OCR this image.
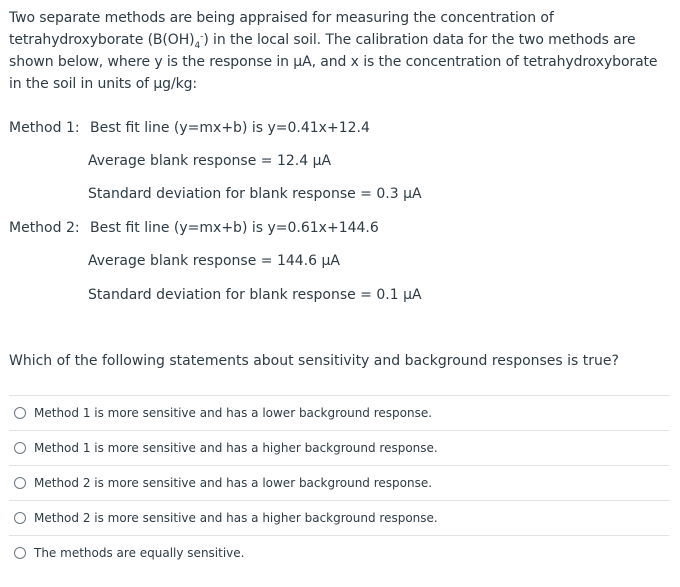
Two separate methods are being appraised for measuring the concentration of tetrahydroxyborate $(B(OH)_4^-)$ in the local soil. The calibration data for the two methods are shown below, where y is the response in µA, and x is the concentration of tetrahydroxyborate in the soil in units of µg/kg:
Method 1: Best fit line (y=mx+b) is y=0.41x+12.4
Average blank response = 12.4 µA
Standard deviation for blank response = 0.3 µA
Method 2: Best fit line (y=mx+b) is y=0.61x+144.6
Average blank response = 144.6 µA
Standard deviation for blank response = 0.1 µA
Which of the following statements about sensitivity and background responses is true?
Method 1 is more sensitive and has a lower background response.
Method 1 is more sensitive and has a higher background response.
Method 2 is more sensitive and has a lower background response.
Method 2 is more sensitive and has a higher background response.
The methods are equally sensitive.
